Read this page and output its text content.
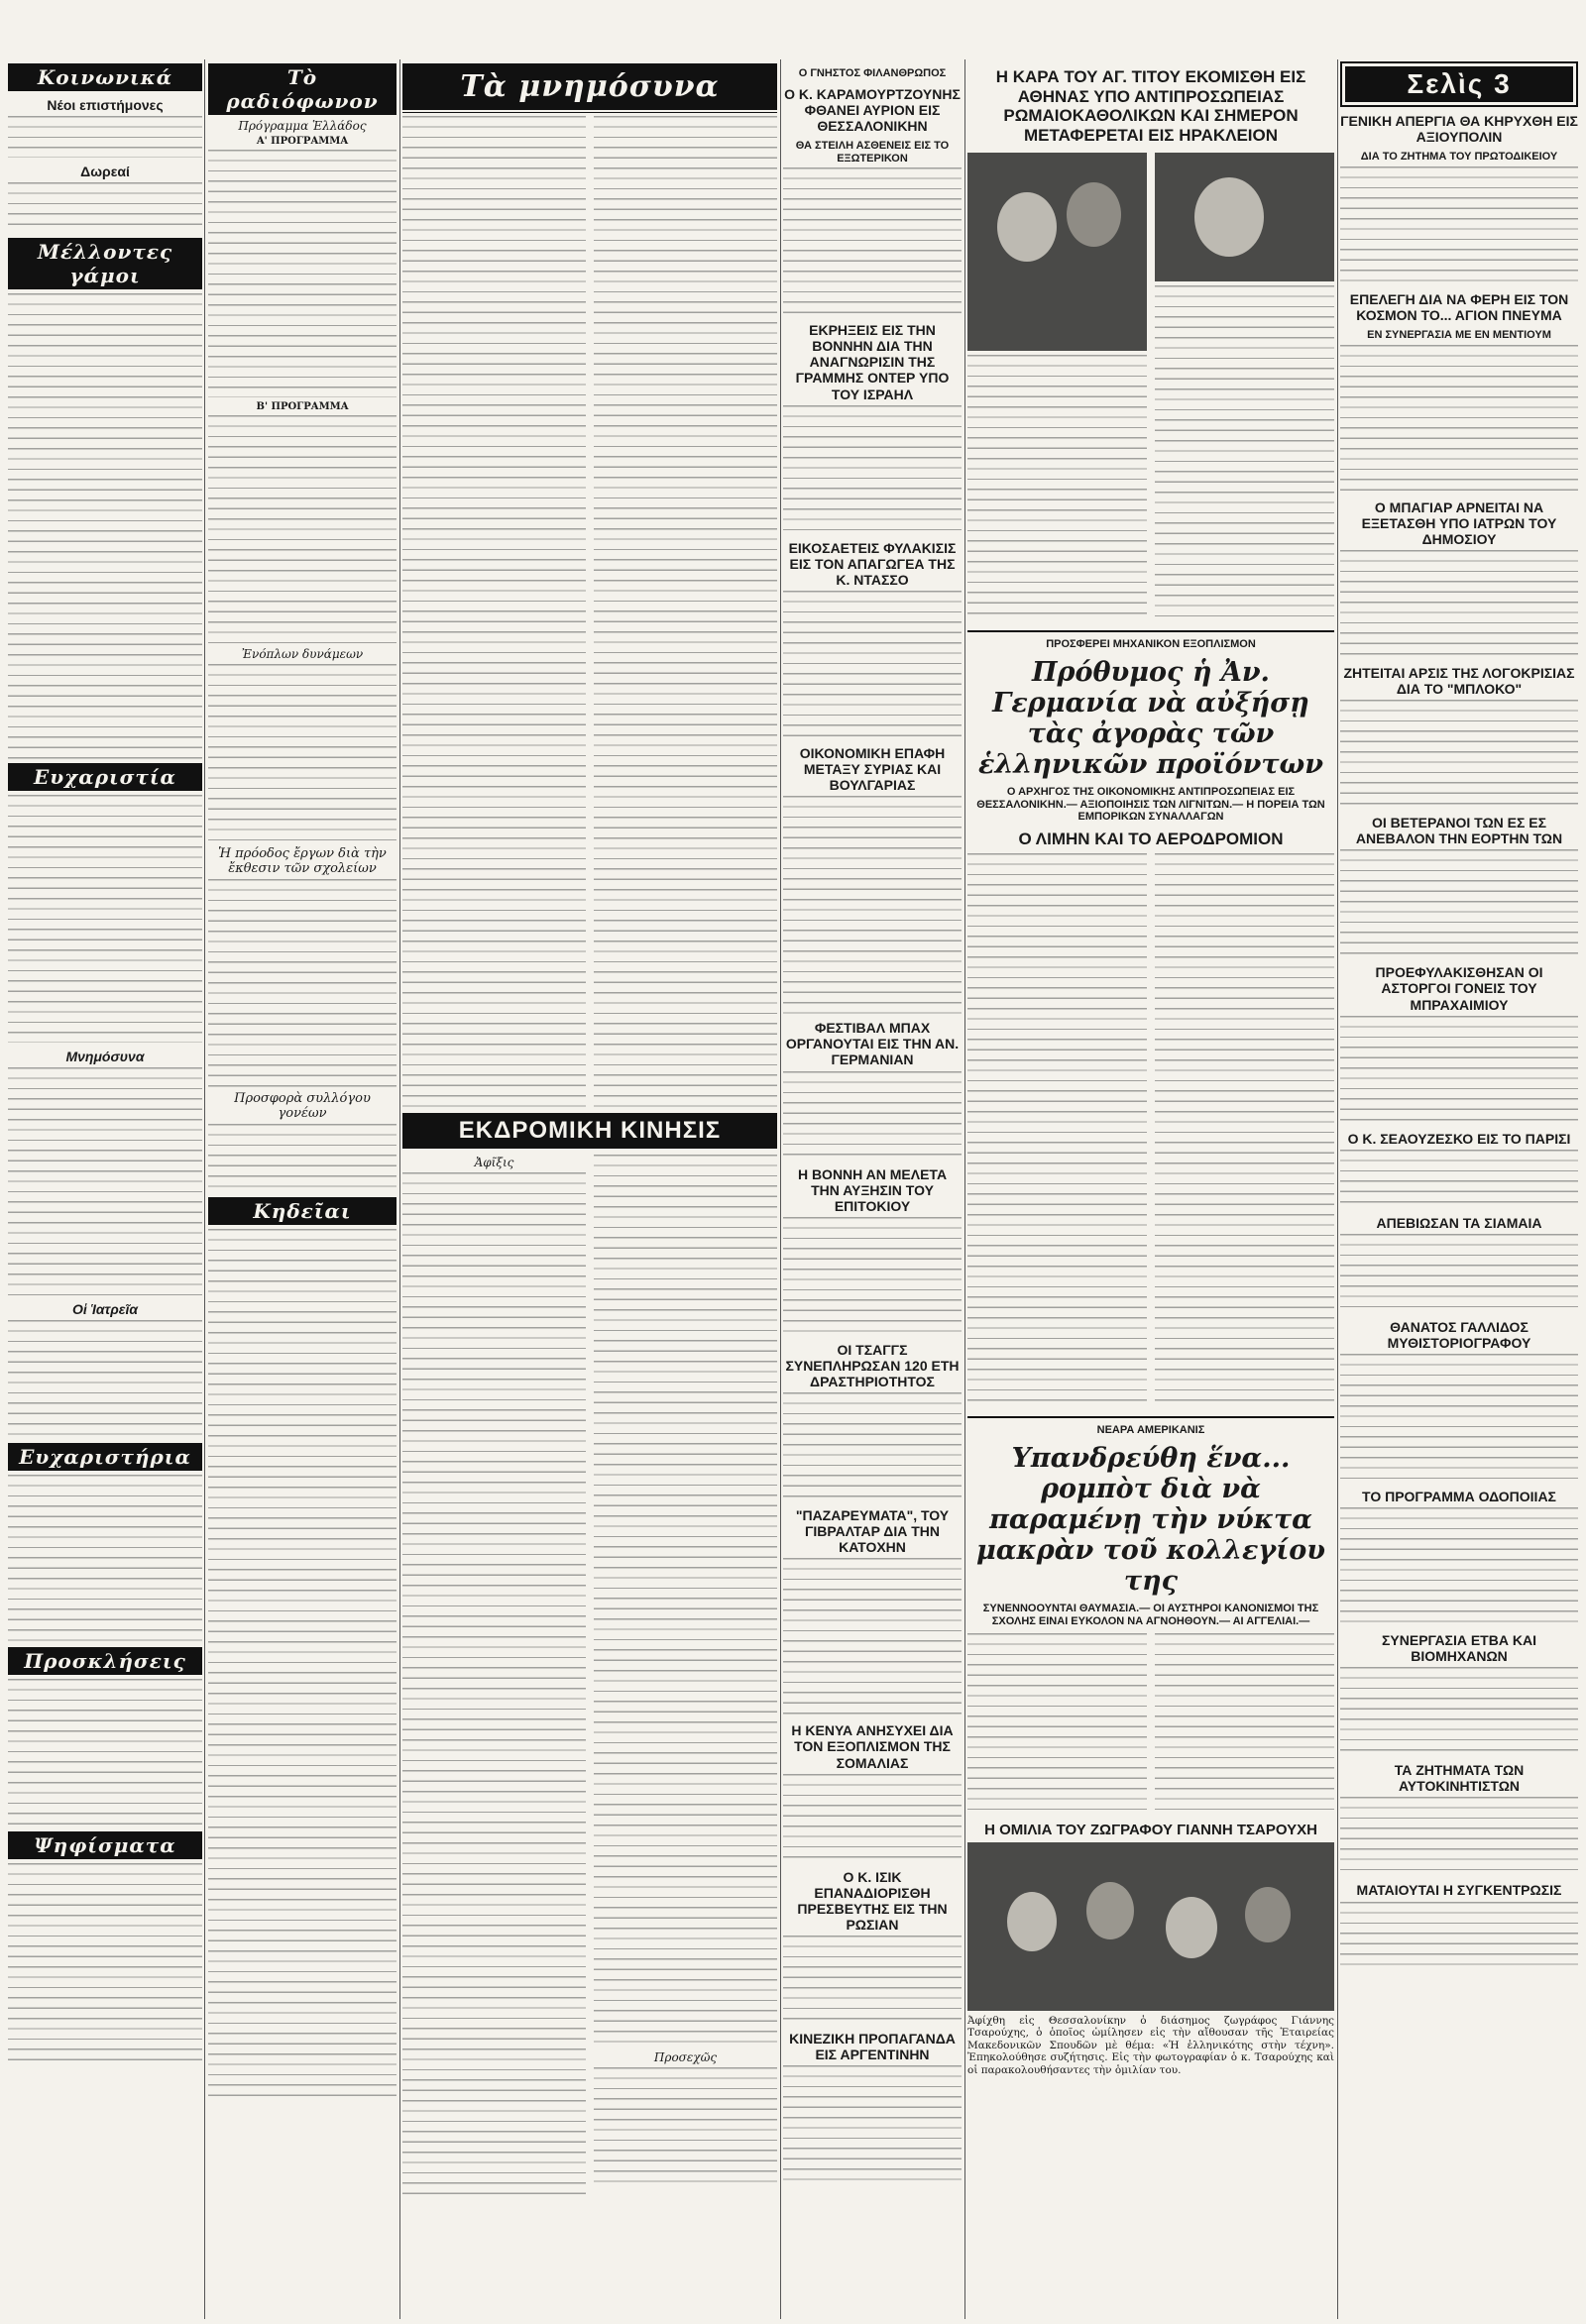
Κοινωνικά
Νέοι επιστήμονες
Δωρεαί
Μέλλοντες γάμοι
Ευχαριστία
Μνημόσυνα
Οἱ Ἱατρεῖα
Ευχαριστήρια
Προσκλήσεις
Ψηφίσματα
Τὸ ραδιόφωνον
Πρόγραμμα Ἑλλάδος
Α' ΠΡΟΓΡΑΜΜΑ
Β' ΠΡΟΓΡΑΜΜΑ
Ἐνόπλων δυνάμεων
Ἡ πρόοδος ἔργων διὰ τὴν ἔκθεσιν τῶν σχολείων
Προσφορὰ συλλόγου γονέων
Κηδεῖαι
Τὰ μνημόσυνα
ΕΚΔΡΟΜΙΚΗ ΚΙΝΗΣΙΣ
Ἀφῖξις
Προσεχῶς
Ο ΓΝΗΣΤΟΣ ΦΙΛΑΝΘΡΩΠΟΣ
Ο Κ. ΚΑΡΑΜΟΥΡΤΖΟΥΝΗΣ ΦΘΑΝΕΙ ΑΥΡΙΟΝ ΕΙΣ ΘΕΣΣΑΛΟΝΙΚΗΝ
ΘΑ ΣΤΕΙΛΗ ΑΣΘΕΝΕΙΣ ΕΙΣ ΤΟ ΕΞΩΤΕΡΙΚΟΝ
ΕΚΡΗΞΕΙΣ ΕΙΣ ΤΗΝ ΒΟΝΝΗΝ ΔΙΑ ΤΗΝ ΑΝΑΓΝΩΡΙΣΙΝ ΤΗΣ ΓΡΑΜΜΗΣ ΟΝΤΕΡ ΥΠΟ ΤΟΥ ΙΣΡΑΗΛ
ΕΙΚΟΣΑΕΤΕΙΣ ΦΥΛΑΚΙΣΙΣ ΕΙΣ ΤΟΝ ΑΠΑΓΩΓΕΑ ΤΗΣ Κ. ΝΤΑΣΣΟ
ΟΙΚΟΝΟΜΙΚΗ ΕΠΑΦΗ ΜΕΤΑΞΥ ΣΥΡΙΑΣ ΚΑΙ ΒΟΥΛΓΑΡΙΑΣ
ΦΕΣΤΙΒΑΛ ΜΠΑΧ ΟΡΓΑΝΟΥΤΑΙ ΕΙΣ ΤΗΝ ΑΝ. ΓΕΡΜΑΝΙΑΝ
Η ΒΟΝΝΗ ΑΝ ΜΕΛΕΤΑ ΤΗΝ ΑΥΞΗΣΙΝ ΤΟΥ ΕΠΙΤΟΚΙΟΥ
ΟΙ ΤΣΑΓΓΣ ΣΥΝΕΠΛΗΡΩΣΑΝ 120 ΕΤΗ ΔΡΑΣΤΗΡΙΟΤΗΤΟΣ
"ΠΑΖΑΡΕΥΜΑΤΑ", ΤΟΥ ΓΙΒΡΑΛΤΑΡ ΔΙΑ ΤΗΝ ΚΑΤΟΧΗΝ
Η ΚΕΝΥΑ ΑΝΗΣΥΧΕΙ ΔΙΑ ΤΟΝ ΕΞΟΠΛΙΣΜΟΝ ΤΗΣ ΣΟΜΑΛΙΑΣ
Ο Κ. ΙΣΙΚ ΕΠΑΝΑΔΙΟΡΙΣΘΗ ΠΡΕΣΒΕΥΤΗΣ ΕΙΣ ΤΗΝ ΡΩΣΙΑΝ
ΚΙΝΕΖΙΚΗ ΠΡΟΠΑΓΑΝΔΑ ΕΙΣ ΑΡΓΕΝΤΙΝΗΝ
Η ΚΑΡΑ ΤΟΥ ΑΓ. ΤΙΤΟΥ ΕΚΟΜΙΣΘΗ ΕΙΣ ΑΘΗΝΑΣ ΥΠΟ ΑΝΤΙΠΡΟΣΩΠΕΙΑΣ ΡΩΜΑΙΟΚΑΘΟΛΙΚΩΝ ΚΑΙ ΣΗΜΕΡΟΝ ΜΕΤΑΦΕΡΕΤΑΙ ΕΙΣ ΗΡΑΚΛΕΙΟΝ
ΠΡΟΣΦΕΡΕΙ ΜΗΧΑΝΙΚΟΝ ΕΞΟΠΛΙΣΜΟΝ
Πρόθυμος ἡ Ἀν. Γερμανία νὰ αὐξήσῃ τὰς ἀγορὰς τῶν ἑλληνικῶν προϊόντων
Ο ΑΡΧΗΓΟΣ ΤΗΣ ΟΙΚΟΝΟΜΙΚΗΣ ΑΝΤΙΠΡΟΣΩΠΕΙΑΣ ΕΙΣ ΘΕΣΣΑΛΟΝΙΚΗΝ.— ΑΞΙΟΠΟΙΗΣΙΣ ΤΩΝ ΛΙΓΝΙΤΩΝ.— Η ΠΟΡΕΙΑ ΤΩΝ ΕΜΠΟΡΙΚΩΝ ΣΥΝΑΛΛΑΓΩΝ
Ο ΛΙΜΗΝ ΚΑΙ ΤΟ ΑΕΡΟΔΡΟΜΙΟΝ
ΝΕΑΡΑ ΑΜΕΡΙΚΑΝΙΣ
Υπανδρεύθη ἕνα... ρομπὸτ διὰ νὰ παραμένῃ τὴν νύκτα μακρὰν τοῦ κολλεγίου της
ΣΥΝΕΝΝΟΟΥΝΤΑΙ ΘΑΥΜΑΣΙΑ.— ΟΙ ΑΥΣΤΗΡΟΙ ΚΑΝΟΝΙΣΜΟΙ ΤΗΣ ΣΧΟΛΗΣ ΕΙΝΑΙ ΕΥΚΟΛΟΝ ΝΑ ΑΓΝΟΗΘΟΥΝ.— ΑΙ ΑΓΓΕΛΙΑΙ.—
Η ΟΜΙΛΙΑ ΤΟΥ ΖΩΓΡΑΦΟΥ ΓΙΑΝΝΗ ΤΣΑΡΟΥΧΗ
Ἀφίχθη εἰς Θεσσαλονίκην ὁ διάσημος ζωγράφος Γιάννης Τσαρούχης, ὁ ὁποῖος ὡμίλησεν εἰς τὴν αἴθουσαν τῆς Ἑταιρείας Μακεδονικῶν Σπουδῶν μὲ θέμα: «Ἡ ἑλληνικότης στὴν τέχνη». Ἐπηκολούθησε συζήτησις. Εἰς τὴν φωτογραφίαν ὁ κ. Τσαρούχης καὶ οἱ παρακολουθήσαντες τὴν ὁμιλίαν του.
Σελὶς 3
ΓΕΝΙΚΗ ΑΠΕΡΓΙΑ ΘΑ ΚΗΡΥΧΘΗ ΕΙΣ ΑΞΙΟΥΠΟΛΙΝ
ΔΙΑ ΤΟ ΖΗΤΗΜΑ ΤΟΥ ΠΡΩΤΟΔΙΚΕΙΟΥ
ΕΠΕΛΕΓΗ ΔΙΑ ΝΑ ΦΕΡΗ ΕΙΣ ΤΟΝ ΚΟΣΜΟΝ ΤΟ... ΑΓΙΟΝ ΠΝΕΥΜΑ
ΕΝ ΣΥΝΕΡΓΑΣΙΑ ΜΕ ΕΝ ΜΕΝΤΙΟΥΜ
Ο ΜΠΑΓΙΑΡ ΑΡΝΕΙΤΑΙ ΝΑ ΕΞΕΤΑΣΘΗ ΥΠΟ ΙΑΤΡΩΝ ΤΟΥ ΔΗΜΟΣΙΟΥ
ΖΗΤΕΙΤΑΙ ΑΡΣΙΣ ΤΗΣ ΛΟΓΟΚΡΙΣΙΑΣ ΔΙΑ ΤΟ "ΜΠΛΟΚΟ"
ΟΙ ΒΕΤΕΡΑΝΟΙ ΤΩΝ ΕΣ ΕΣ ΑΝΕΒΑΛΟΝ ΤΗΝ ΕΟΡΤΗΝ ΤΩΝ
ΠΡΟΕΦΥΛΑΚΙΣΘΗΣΑΝ ΟΙ ΑΣΤΟΡΓΟΙ ΓΟΝΕΙΣ ΤΟΥ ΜΠΡΑΧΑΙΜΙΟΥ
Ο Κ. ΣΕΑΟΥΖΕΣΚΟ ΕΙΣ ΤΟ ΠΑΡΙΣΙ
ΑΠΕΒΙΩΣΑΝ ΤΑ ΣΙΑΜΑΙΑ
ΘΑΝΑΤΟΣ ΓΑΛΛΙΔΟΣ ΜΥΘΙΣΤΟΡΙΟΓΡΑΦΟΥ
ΤΟ ΠΡΟΓΡΑΜΜΑ ΟΔΟΠΟΙΙΑΣ
ΣΥΝΕΡΓΑΣΙΑ ΕΤΒΑ ΚΑΙ ΒΙΟΜΗΧΑΝΩΝ
ΤΑ ΖΗΤΗΜΑΤΑ ΤΩΝ ΑΥΤΟΚΙΝΗΤΙΣΤΩΝ
ΜΑΤΑΙΟΥΤΑΙ Η ΣΥΓΚΕΝΤΡΩΣΙΣ
